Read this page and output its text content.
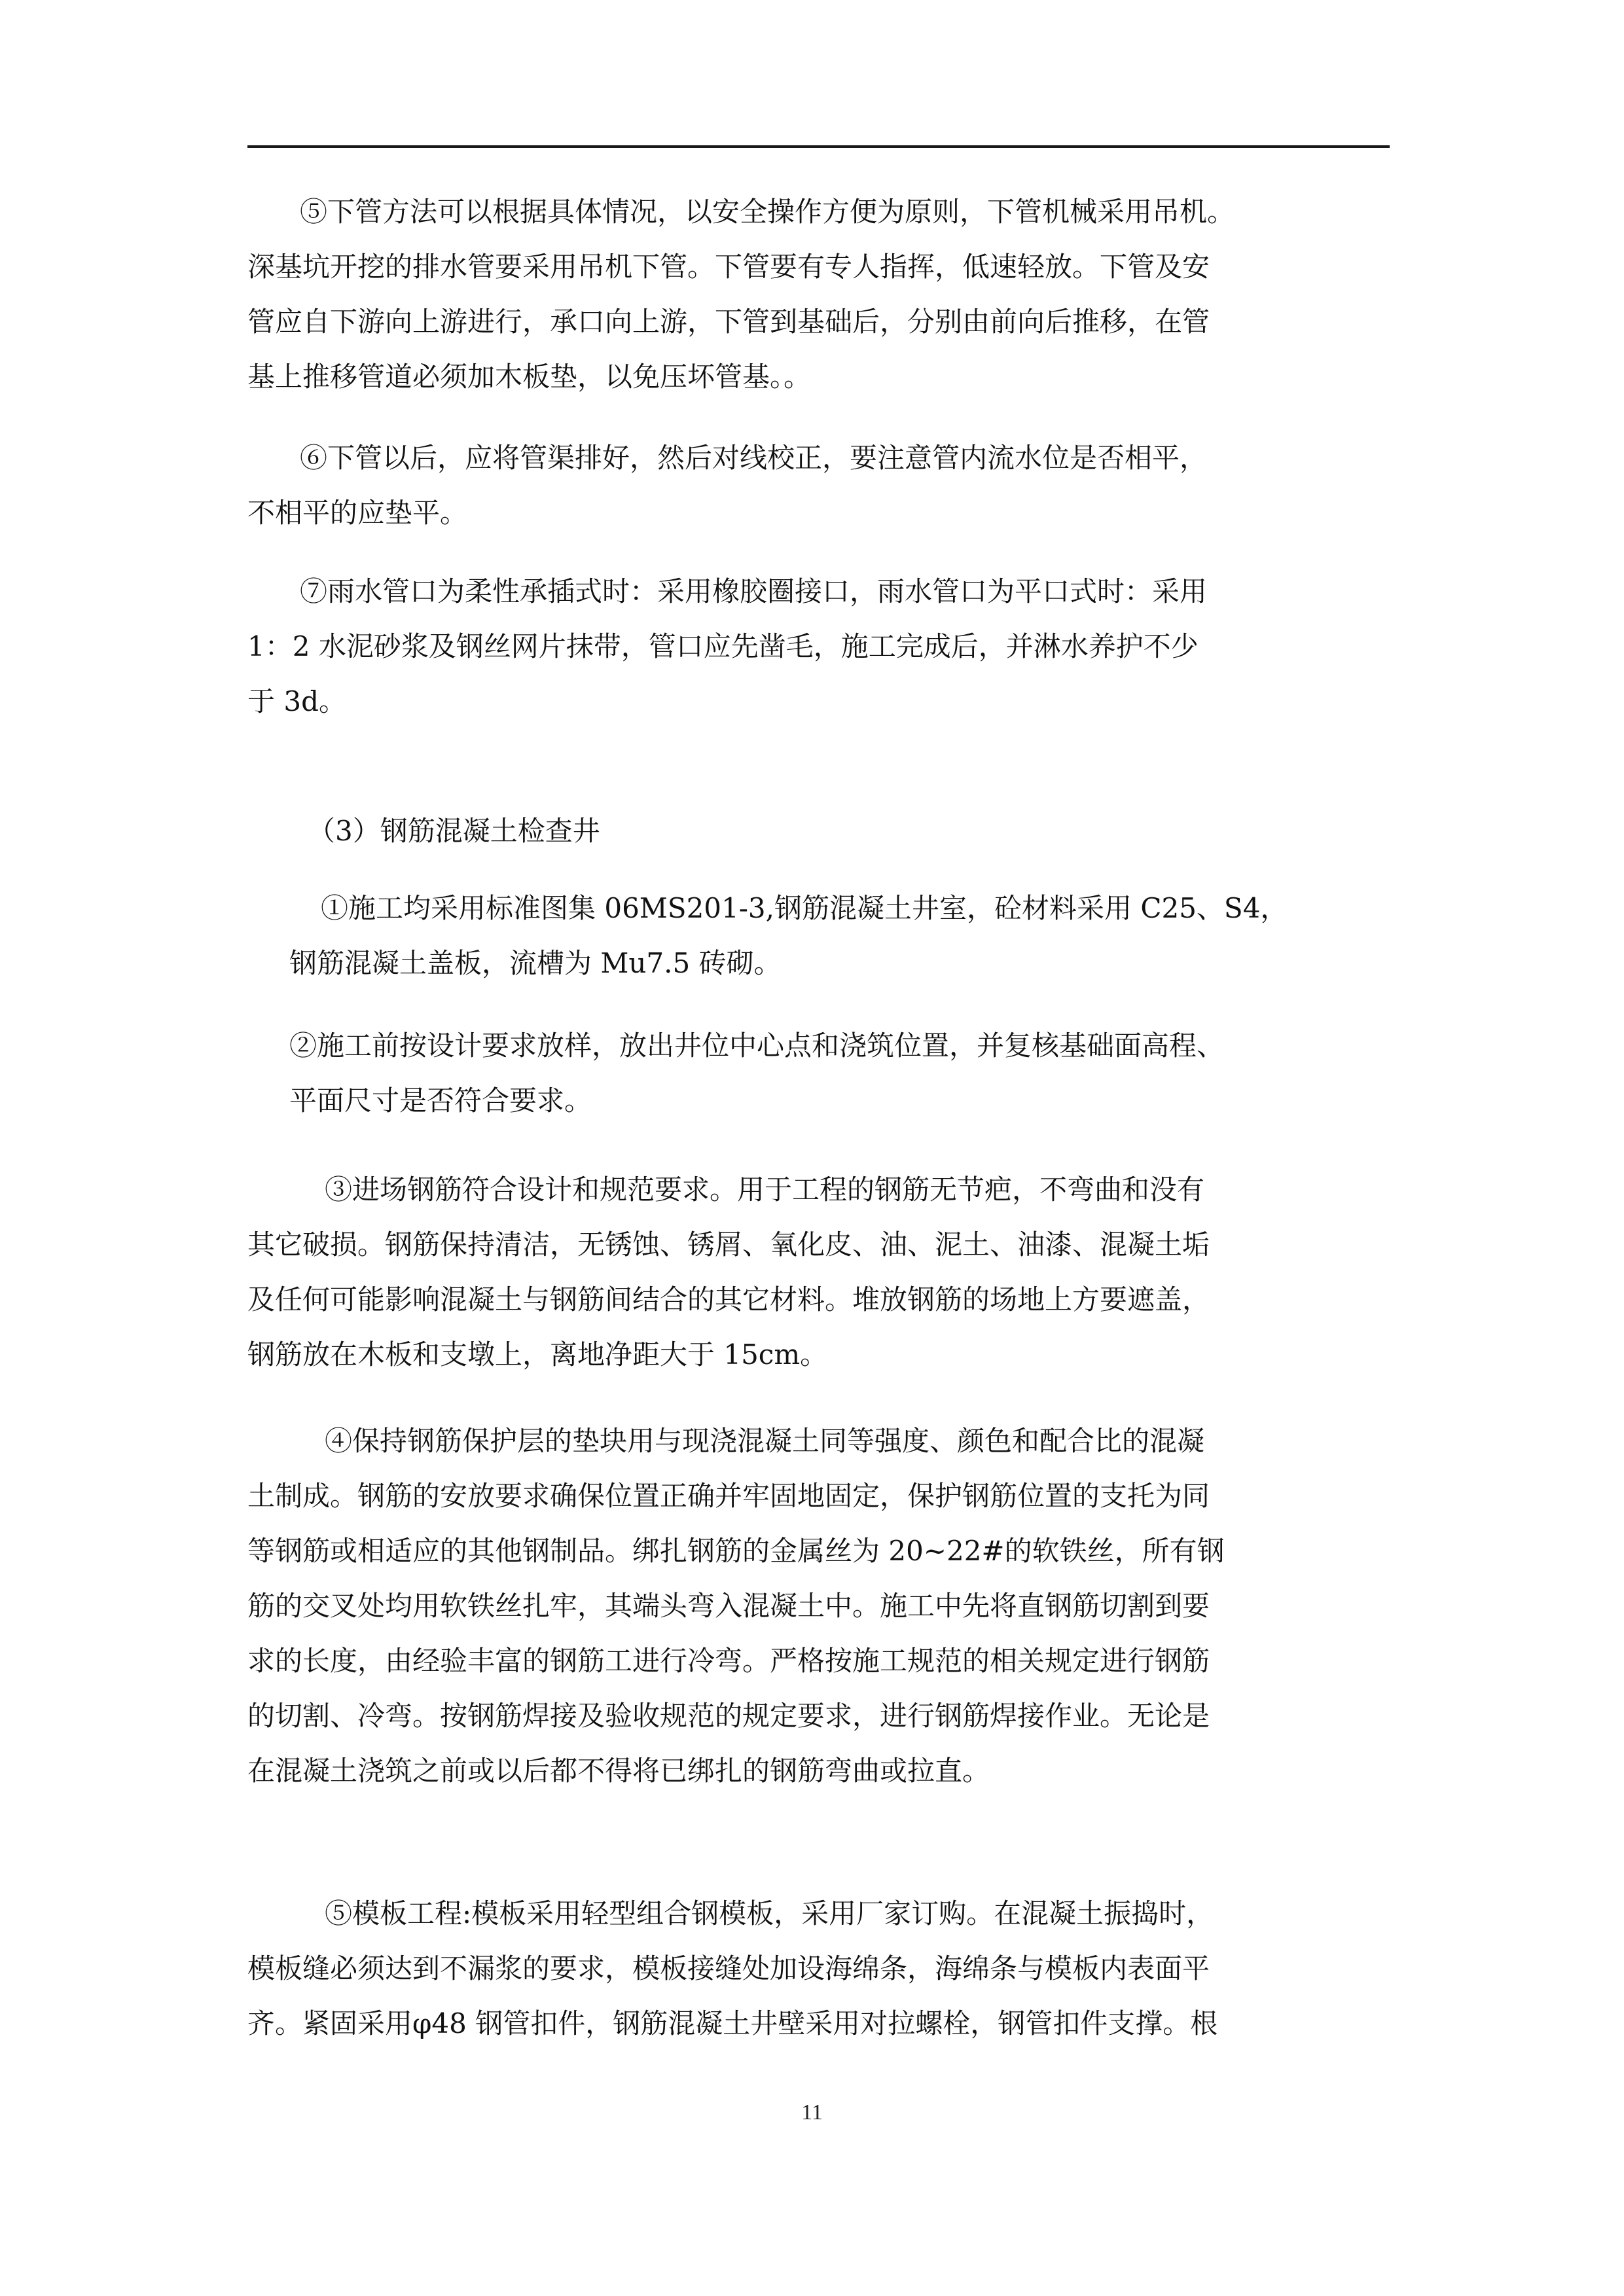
⑤下管方法可以根据具体情况，以安全操作方便为原则，下管机械采用吊机。
深基坑开挖的排水管要采用吊机下管。下管要有专人指挥，低速轻放。下管及安
管应自下游向上游进行，承口向上游，下管到基础后，分别由前向后推移，在管
基上推移管道必须加木板垫，以免压坏管基。。

⑥下管以后，应将管渠排好，然后对线校正，要注意管内流水位是否相平，
不相平的应垫平。

⑦雨水管口为柔性承插式时：采用橡胶圈接口，雨水管口为平口式时：采用
1：2 水泥砂浆及钢丝网片抹带，管口应先凿毛，施工完成后，并淋水养护不少
于 3d。

（3）钢筋混凝土检查井

①施工均采用标准图集 06MS201-3,钢筋混凝土井室，砼材料采用 C25、S4，
钢筋混凝土盖板，流槽为 Mu7.5 砖砌。

②施工前按设计要求放样，放出井位中心点和浇筑位置，并复核基础面高程、
平面尺寸是否符合要求。

③进场钢筋符合设计和规范要求。用于工程的钢筋无节疤，不弯曲和没有
其它破损。钢筋保持清洁，无锈蚀、锈屑、氧化皮、油、泥土、油漆、混凝土垢
及任何可能影响混凝土与钢筋间结合的其它材料。堆放钢筋的场地上方要遮盖，
钢筋放在木板和支墩上，离地净距大于 15cm。

④保持钢筋保护层的垫块用与现浇混凝土同等强度、颜色和配合比的混凝
土制成。钢筋的安放要求确保位置正确并牢固地固定，保护钢筋位置的支托为同
等钢筋或相适应的其他钢制品。绑扎钢筋的金属丝为 20~22#的软铁丝，所有钢
筋的交叉处均用软铁丝扎牢，其端头弯入混凝土中。施工中先将直钢筋切割到要
求的长度，由经验丰富的钢筋工进行冷弯。严格按施工规范的相关规定进行钢筋
的切割、冷弯。按钢筋焊接及验收规范的规定要求，进行钢筋焊接作业。无论是
在混凝土浇筑之前或以后都不得将已绑扎的钢筋弯曲或拉直。

⑤模板工程:模板采用轻型组合钢模板，采用厂家订购。在混凝土振捣时，
模板缝必须达到不漏浆的要求，模板接缝处加设海绵条，海绵条与模板内表面平
齐。紧固采用φ48 钢管扣件，钢筋混凝土井壁采用对拉螺栓，钢管扣件支撑。根

11
